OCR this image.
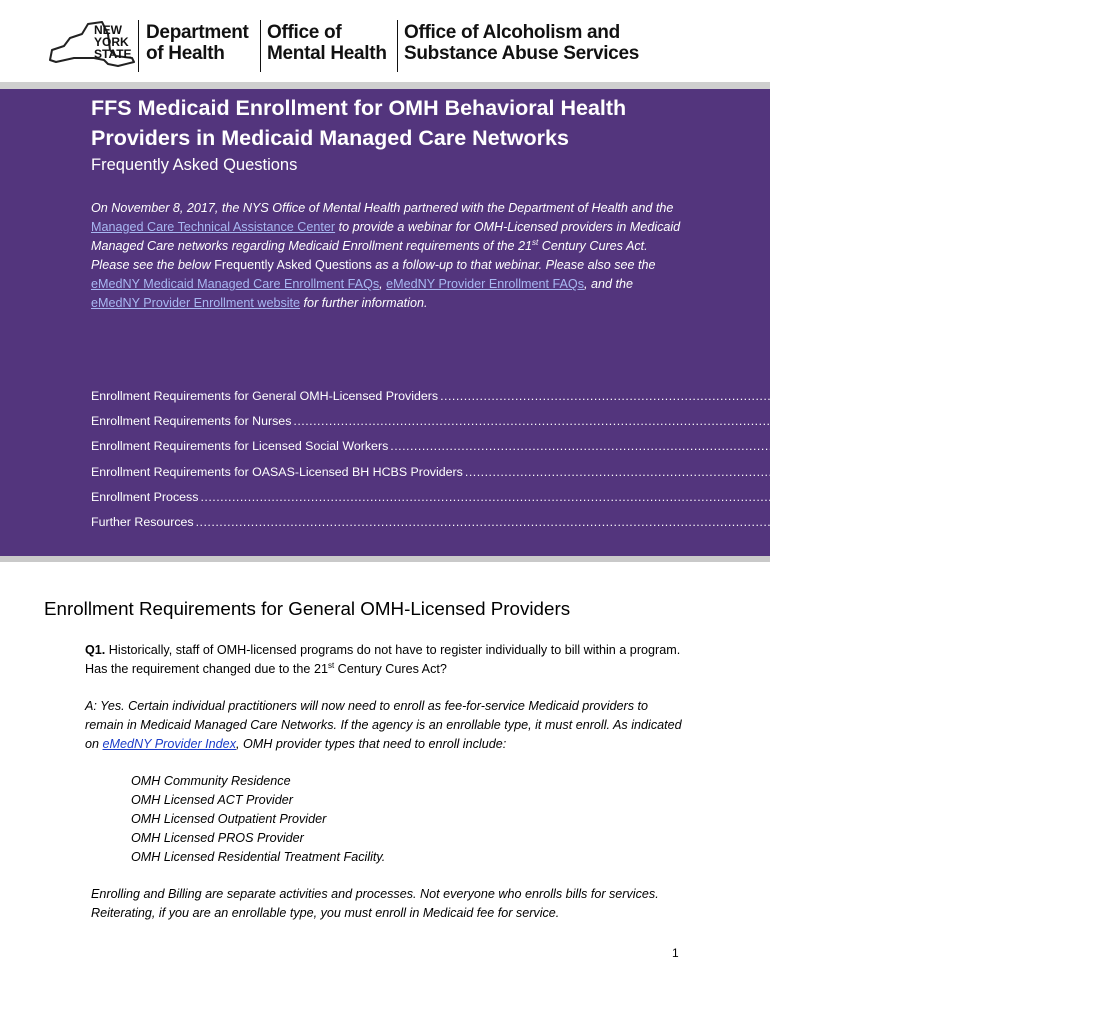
NEW
YORK
STATE
Department
of Health
Office of
Mental Health
Office of Alcoholism and
Substance Abuse Services
FFS Medicaid Enrollment for OMH Behavioral Health Providers in Medicaid Managed Care Networks
Frequently Asked Questions
On November 8, 2017, the NYS Office of Mental Health partnered with the Department of Health and the Managed Care Technical Assistance Center to provide a webinar for OMH-Licensed providers in Medicaid Managed Care networks regarding Medicaid Enrollment requirements of the 21st Century Cures Act. Please see the below Frequently Asked Questions as a follow-up to that webinar. Please also see the eMedNY Medicaid Managed Care Enrollment FAQs, eMedNY Provider Enrollment FAQs, and the eMedNY Provider Enrollment website for further information.
Enrollment Requirements for General OMH-Licensed Providers .............................................................................................................................................................. 1
Enrollment Requirements for Nurses .............................................................................................................................................................. 3
Enrollment Requirements for Licensed Social Workers .............................................................................................................................................................. 3
Enrollment Requirements for OASAS-Licensed BH HCBS Providers .............................................................................................................................................................. 5
Enrollment Process .............................................................................................................................................................. 6
Further Resources .............................................................................................................................................................. 9
Enrollment Requirements for General OMH-Licensed Providers
Q1. Historically, staff of OMH-licensed programs do not have to register individually to bill within a program. Has the requirement changed due to the 21st Century Cures Act?
A: Yes. Certain individual practitioners will now need to enroll as fee-for-service Medicaid providers to remain in Medicaid Managed Care Networks. If the agency is an enrollable type, it must enroll. As indicated on eMedNY Provider Index, OMH provider types that need to enroll include:
OMH Community Residence
OMH Licensed ACT Provider
OMH Licensed Outpatient Provider
OMH Licensed PROS Provider
OMH Licensed Residential Treatment Facility.
Enrolling and Billing are separate activities and processes. Not everyone who enrolls bills for services. Reiterating, if you are an enrollable type, you must enroll in Medicaid fee for service.
1
